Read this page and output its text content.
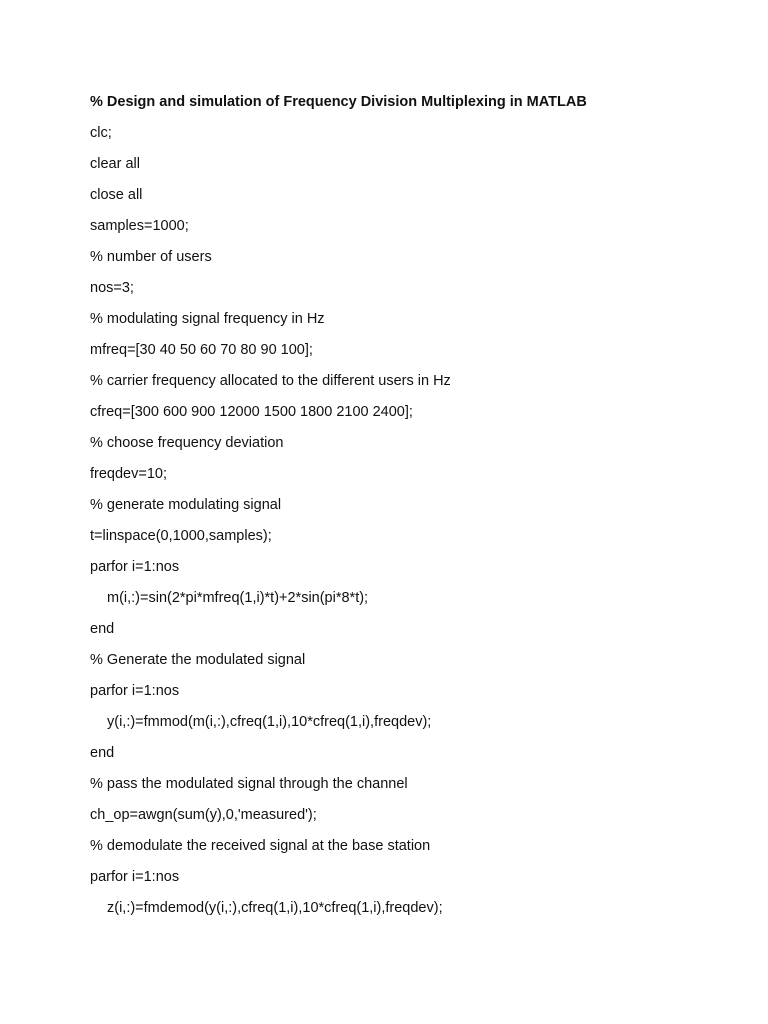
% Design and simulation of Frequency Division Multiplexing in MATLAB
clc;
clear all
close all
samples=1000;
% number of users
nos=3;
% modulating signal frequency in Hz
mfreq=[30 40 50 60 70 80 90 100];
% carrier frequency allocated to the different users in Hz
cfreq=[300 600 900 12000 1500 1800 2100 2400];
% choose frequency deviation
freqdev=10;
% generate modulating signal
t=linspace(0,1000,samples);
parfor i=1:nos
m(i,:)=sin(2*pi*mfreq(1,i)*t)+2*sin(pi*8*t);
end
% Generate the modulated signal
parfor i=1:nos
y(i,:)=fmmod(m(i,:),cfreq(1,i),10*cfreq(1,i),freqdev);
end
% pass the modulated signal through the channel
ch_op=awgn(sum(y),0,'measured');
% demodulate the received signal at the base station
parfor i=1:nos
z(i,:)=fmdemod(y(i,:),cfreq(1,i),10*cfreq(1,i),freqdev);
